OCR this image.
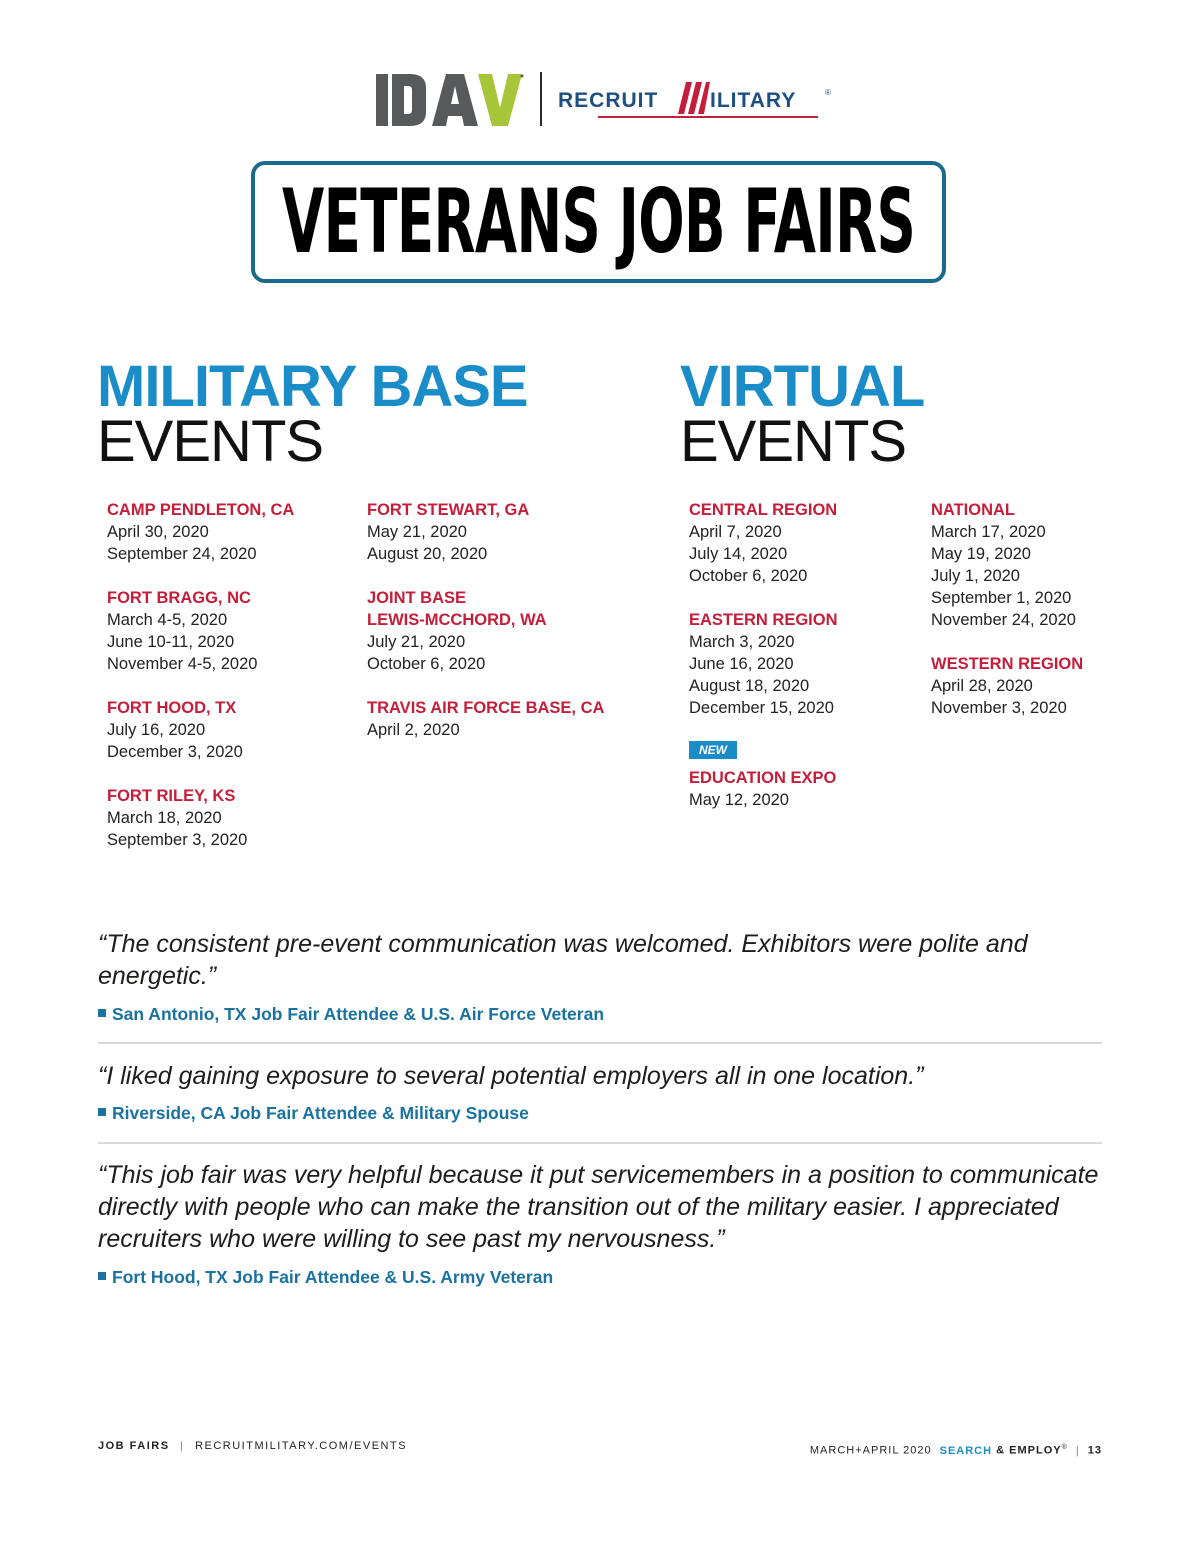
RECRUIT ILITARY	®
VETERANS JOB FAIRS
MILITARY BASE
EVENTS
CAMP PENDLETON, CA
April 30, 2020
September 24, 2020
FORT BRAGG, NC
March 4-5, 2020
June 10-11, 2020
November 4-5, 2020
FORT HOOD, TX
July 16, 2020
December 3, 2020
FORT RILEY, KS
March 18, 2020
September 3, 2020
FORT STEWART, GA
May 21, 2020
August 20, 2020
JOINT BASE
LEWIS-MCCHORD, WA
July 21, 2020
October 6, 2020
TRAVIS AIR FORCE BASE, CA
April 2, 2020
VIRTUAL
EVENTS
CENTRAL REGION
April 7, 2020
July 14, 2020
October 6, 2020
EASTERN REGION
March 3, 2020
June 16, 2020
August 18, 2020
December 15, 2020
NEW
EDUCATION EXPO
May 12, 2020
NATIONAL
March 17, 2020
May 19, 2020
July 1, 2020
September 1, 2020
November 24, 2020
WESTERN REGION
April 28, 2020
November 3, 2020
“The consistent pre-event communication was welcomed. Exhibitors were polite and energetic.”
San Antonio, TX Job Fair Attendee & U.S. Air Force Veteran
“I liked gaining exposure to several potential employers all in one location.”
Riverside, CA Job Fair Attendee & Military Spouse
“This job fair was very helpful because it put servicemembers in a position to communicate directly with people who can make the transition out of the military easier. I appreciated recruiters who were willing to see past my nervousness.”
Fort Hood, TX Job Fair Attendee & U.S. Army Veteran
JOB FAIRS | RECRUITMILITARY.COM/EVENTS	MARCH+APRIL 2020 SEARCH & EMPLOY® | 13
